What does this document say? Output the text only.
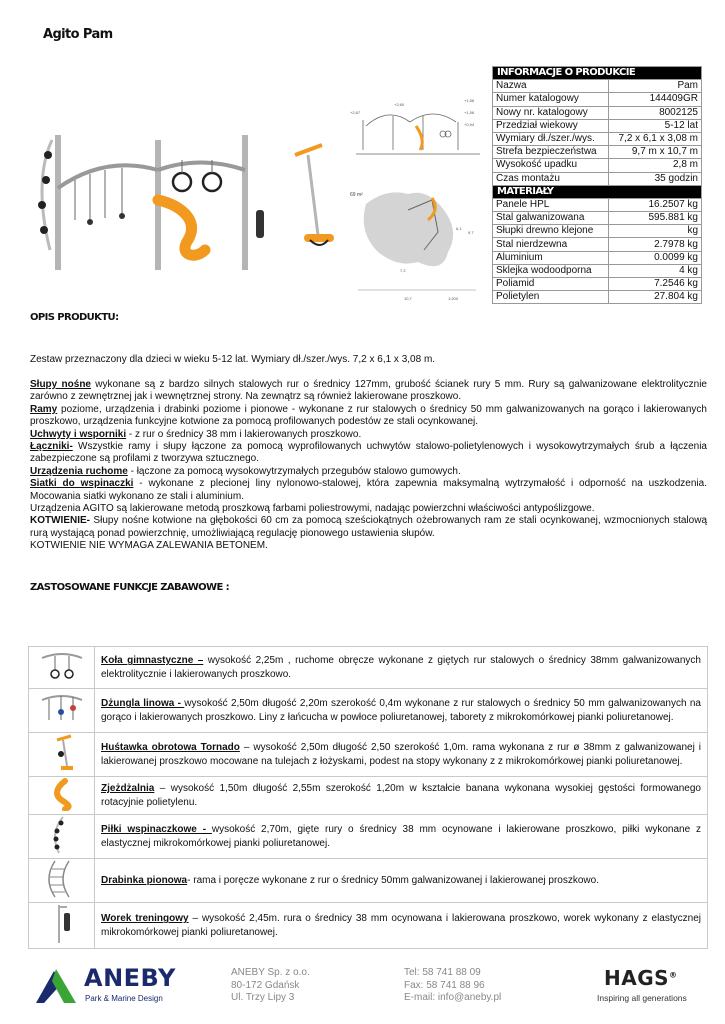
Agito Pam
+2,67
+2,60
+1,56
+1,56
+0,94
69 m²
10,7
6,1
9,7
7,2
1:200
INFORMACJE O PRODUKCIE	
Nazwa	Pam
Numer katalogowy	144409GR
Nowy nr. katalogowy	8002125
Przedział wiekowy	5-12 lat
Wymiary dł./szer./wys.	7,2 x 6,1 x 3,08 m
Strefa bezpieczeństwa	9,7 m x 10,7 m
Wysokość upadku	2,8 m
Czas montażu	35 godzin
MATERIAŁY	
Panele HPL	16.2507 kg
Stal galwanizowana	595.881 kg
Słupki drewno klejone	kg
Stal nierdzewna	2.7978 kg
Aluminium	0.0099 kg
Sklejka wodoodporna	4 kg
Poliamid	7.2546 kg
Polietylen	27.804 kg
OPIS PRODUKTU:
Zestaw przeznaczony dla dzieci w wieku 5-12 lat. Wymiary dł./szer./wys. 7,2 x 6,1 x 3,08 m.

Słupy nośne wykonane są z bardzo silnych stalowych rur o średnicy 127mm, grubość ścianek rury 5 mm. Rury są galwanizowane elektrolitycznie zarówno z zewnętrznej jak i wewnętrznej strony. Na zewnątrz są również lakierowane proszkowo.

Ramy poziome, urządzenia i drabinki poziome i pionowe - wykonane z rur stalowych o średnicy 50 mm galwanizowanych na gorąco i lakierowanych proszkowo, urządzenia funkcyjne kotwione za pomocą profilowanych podestów ze stali ocynkowanej.

Uchwyty i wsporniki - z rur o średnicy 38 mm i lakierowanych proszkowo.

Łączniki- Wszystkie ramy i słupy łączone za pomocą wyprofilowanych uchwytów stalowo-polietylenowych i wysokowytrzymałych śrub a łączenia zabezpieczone są profilami z tworzywa sztucznego.

Urządzenia ruchome - łączone za pomocą wysokowytrzymałych przegubów stalowo gumowych.

Siatki do wspinaczki - wykonane z plecionej liny nylonowo-stalowej, która zapewnia maksymalną wytrzymałość i odporność na uszkodzenia. Mocowania siatki wykonano ze stali i aluminium.

Urządzenia AGITO są lakierowane metodą proszkową farbami poliestrowymi, nadając powierzchni właściwości antypoślizgowe.

KOTWIENIE- Słupy nośne kotwione na głębokości 60 cm za pomocą sześciokątnych ożebrowanych ram ze stali ocynkowanej, wzmocnionych stalową rurą wystającą ponad powierzchnię, umożliwiającą regulację pionowego ustawienia słupów.

KOTWIENIE NIE WYMAGA ZALEWANIA BETONEM.

ZASTOSOWANE FUNKCJE ZABAWOWE :
	Koła gimnastyczne – wysokość 2,25m , ruchome obręcze wykonane z giętych rur stalowych o średnicy 38mm galwanizowanych elektrolitycznie i lakierowanych proszkowo.
	Dżungla linowa - wysokość 2,50m długość 2,20m szerokość 0,4m wykonane z rur stalowych o średnicy 50 mm galwanizowanych na gorąco i lakierowanych proszkowo. Liny z łańcucha w powłoce poliuretanowej, taborety z mikrokomórkowej pianki poliuretanowej.
	Huśtawka obrotowa Tornado – wysokość 2,50m długość 2,50 szerokość 1,0m. rama wykonana z rur ø 38mm z galwanizowanej i lakierowanej proszkowo mocowane na tulejach z łożyskami, podest na stopy wykonany z z mikrokomórkowej pianki poliuretanowej.
	Zjeżdżalnia – wysokość 1,50m długość 2,55m szerokość 1,20m w kształcie banana wykonana wysokiej gęstości formowanego rotacyjnie polietylenu.
	Piłki wspinaczkowe - wysokość 2,70m, gięte rury o średnicy 38 mm ocynowane i lakierowane proszkowo, piłki wykonane z elastycznej mikrokomórkowej pianki poliuretanowej.
	Drabinka pionowa- rama i poręcze wykonane z rur o średnicy 50mm galwanizowanej i lakierowanej proszkowo.
	Worek treningowy – wysokość 2,45m. rura o średnicy 38 mm ocynowana i lakierowana proszkowo, worek wykonany z elastycznej mikrokomórkowej pianki poliuretanowej.
ANEBY
Park & Marine Design
ANEBY Sp. z o.o.
80-172 Gdańsk
Ul. Trzy Lipy 3
Tel: 58 741 88 09
Fax: 58 741 88 96
E-mail: info@aneby.pl
HAGS®
Inspiring all generations
